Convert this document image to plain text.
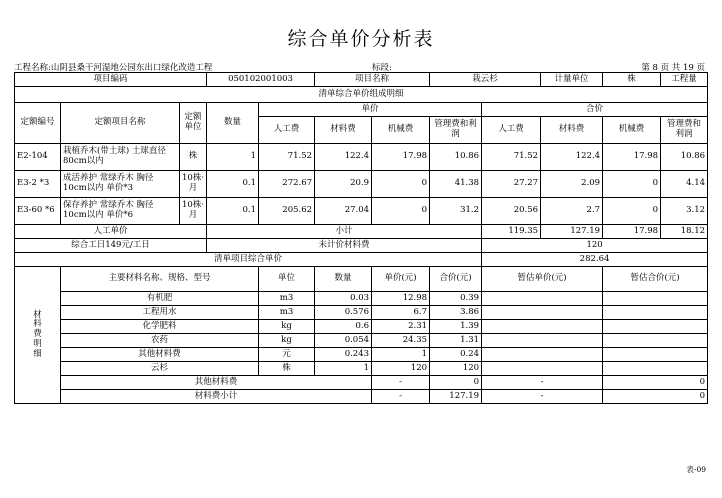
综合单价分析表
工程名称:山阴县桑干河湿地公园东出口绿化改造工程	标段:	第 8 页 共 19 页
项目编码			050102001003		项目名称		栽云杉		计量单位	株	工程量

清单综合单价组成明细											
定额编号	定额项目名称	定额单位	数量	单价				合价			
				人工费	材料费	机械费	管理费和利润	人工费	材料费	机械费	管理费和利润
E2-104	栽植乔木(带土球) 土球直径80cm以内	株	1	71.52	122.4	17.98	10.86	71.52	122.4	17.98	10.86
E3-2 *3	成活养护 常绿乔木 胸径10cm以内 单价*3	10株·月	0.1	272.67	20.9	0	41.38	27.27	2.09	0	4.14
E3-60 *6	保存养护 常绿乔木 胸径10cm以内 单价*6	10株·月	0.1	205.62	27.04	0	31.2	20.56	2.7	0	3.12
人工单价			小计					119.35	127.19	17.98	18.12
综合工日149元/工日			未计价材料费					120			
清单项目综合单价								282.64			

材料费明细	主要材料名称、规格、型号			单位	数量	单价(元)	合价(元)	暂估单价(元)		暂估合价(元)	
	有机肥			m3	0.03	12.98	0.39				
	工程用水			m3	0.576	6.7	3.86				
	化学肥料			kg	0.6	2.31	1.39				
	农药			kg	0.054	24.35	1.31				
	其他材料费			元	0.243	1	0.24				
	云杉			株	1	120	120				
	其他材料费					-	0	-		0	
	材料费小计					-	127.19	-		0	
表-09
